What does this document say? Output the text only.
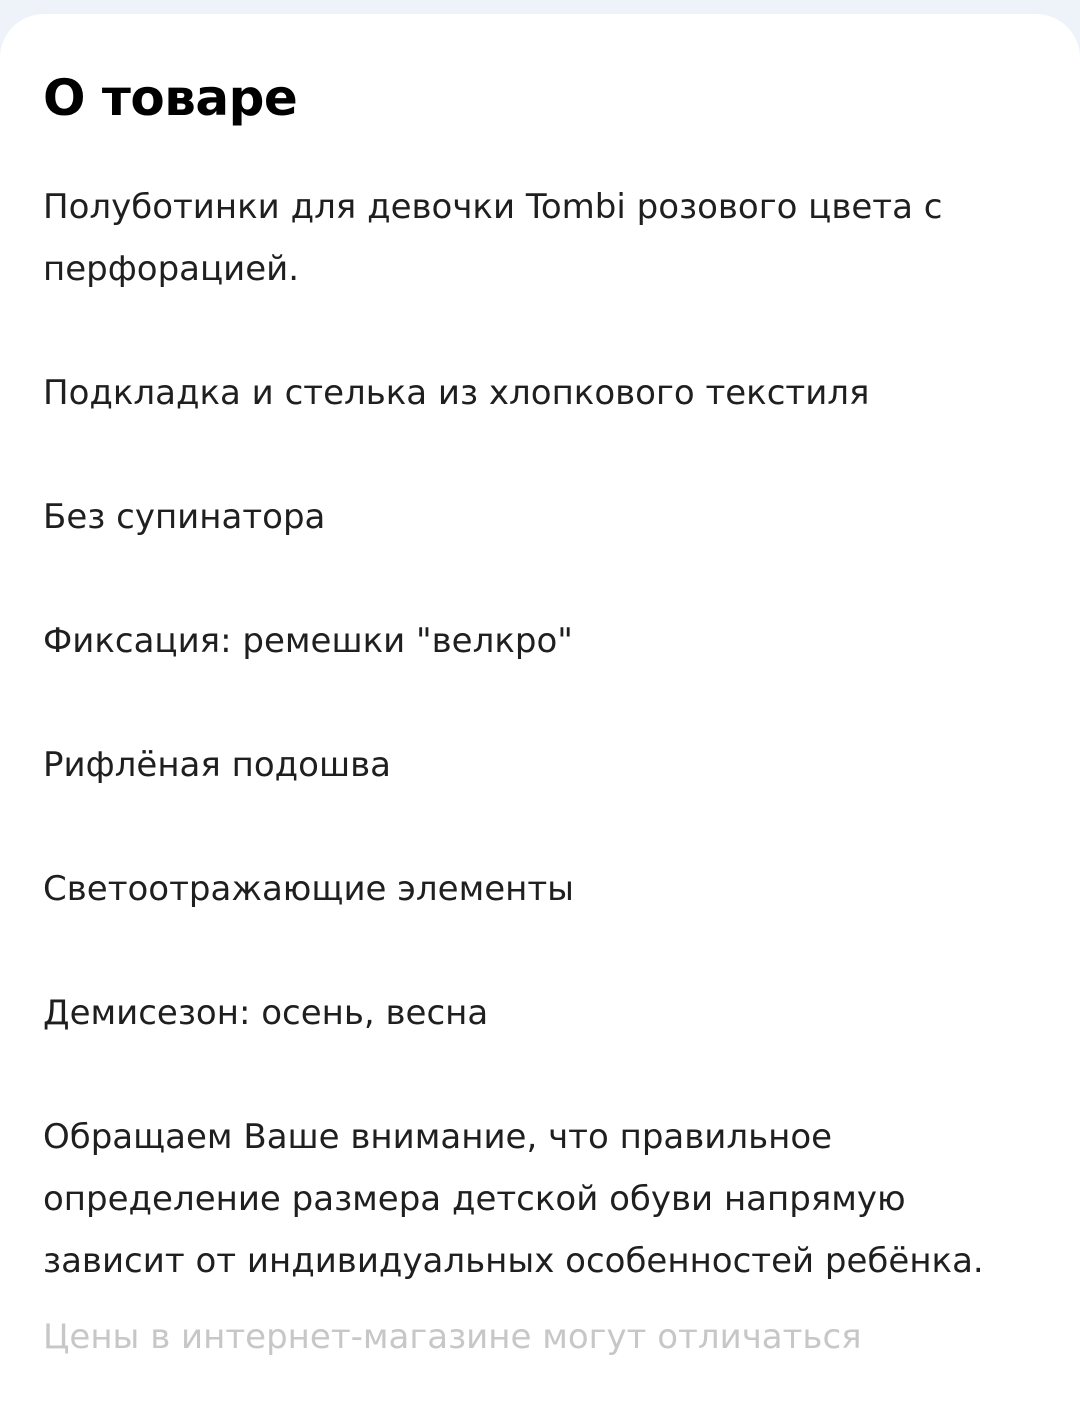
О товаре

Полуботинки для девочки Tombi розового цвета с
перфорацией.

Подкладка и стелька из хлопкового текстиля

Без супинатора

Фиксация: ремешки "велкро"

Рифлёная подошва

Светоотражающие элементы

Демисезон: осень, весна

Обращаем Ваше внимание, что правильное
определение размера детской обуви напрямую
зависит от индивидуальных особенностей ребёнка.

Цены в интернет-магазине могут отличаться
